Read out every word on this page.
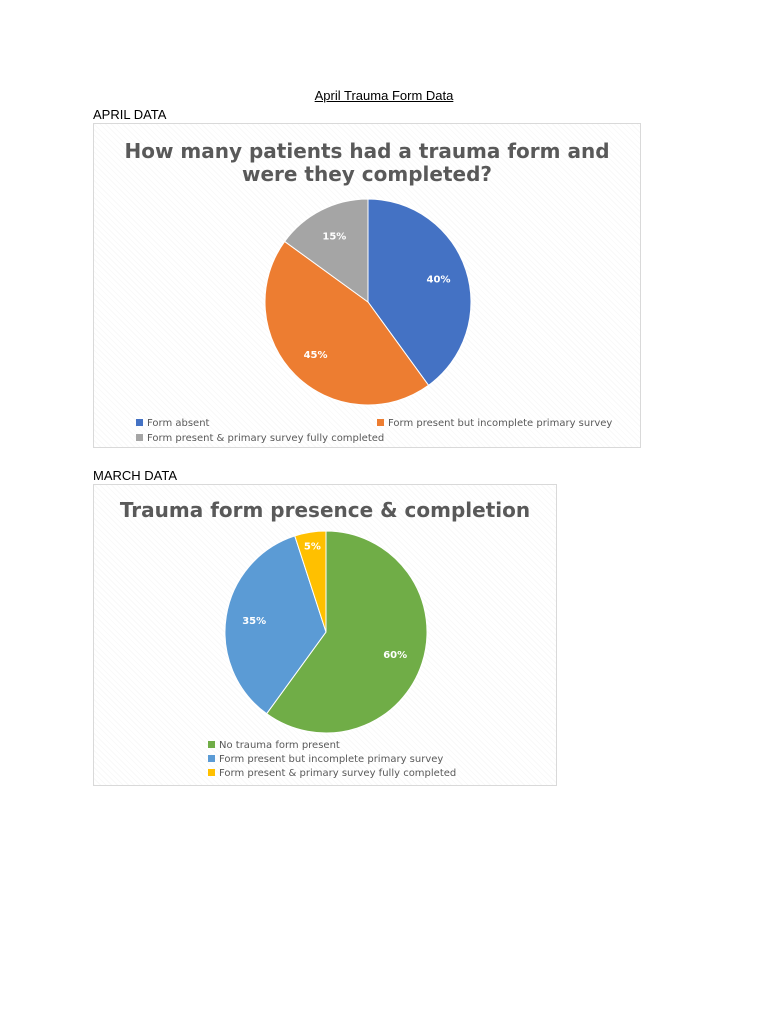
April Trauma Form Data
APRIL DATA
How many patients had a trauma form and
were they completed?
40%
45%
15%
Form absent	Form present but incomplete primary survey
Form present & primary survey fully completed
MARCH DATA
Trauma form presence & completion
60%
35%
5%
No trauma form present
Form present but incomplete primary survey
Form present & primary survey fully completed
